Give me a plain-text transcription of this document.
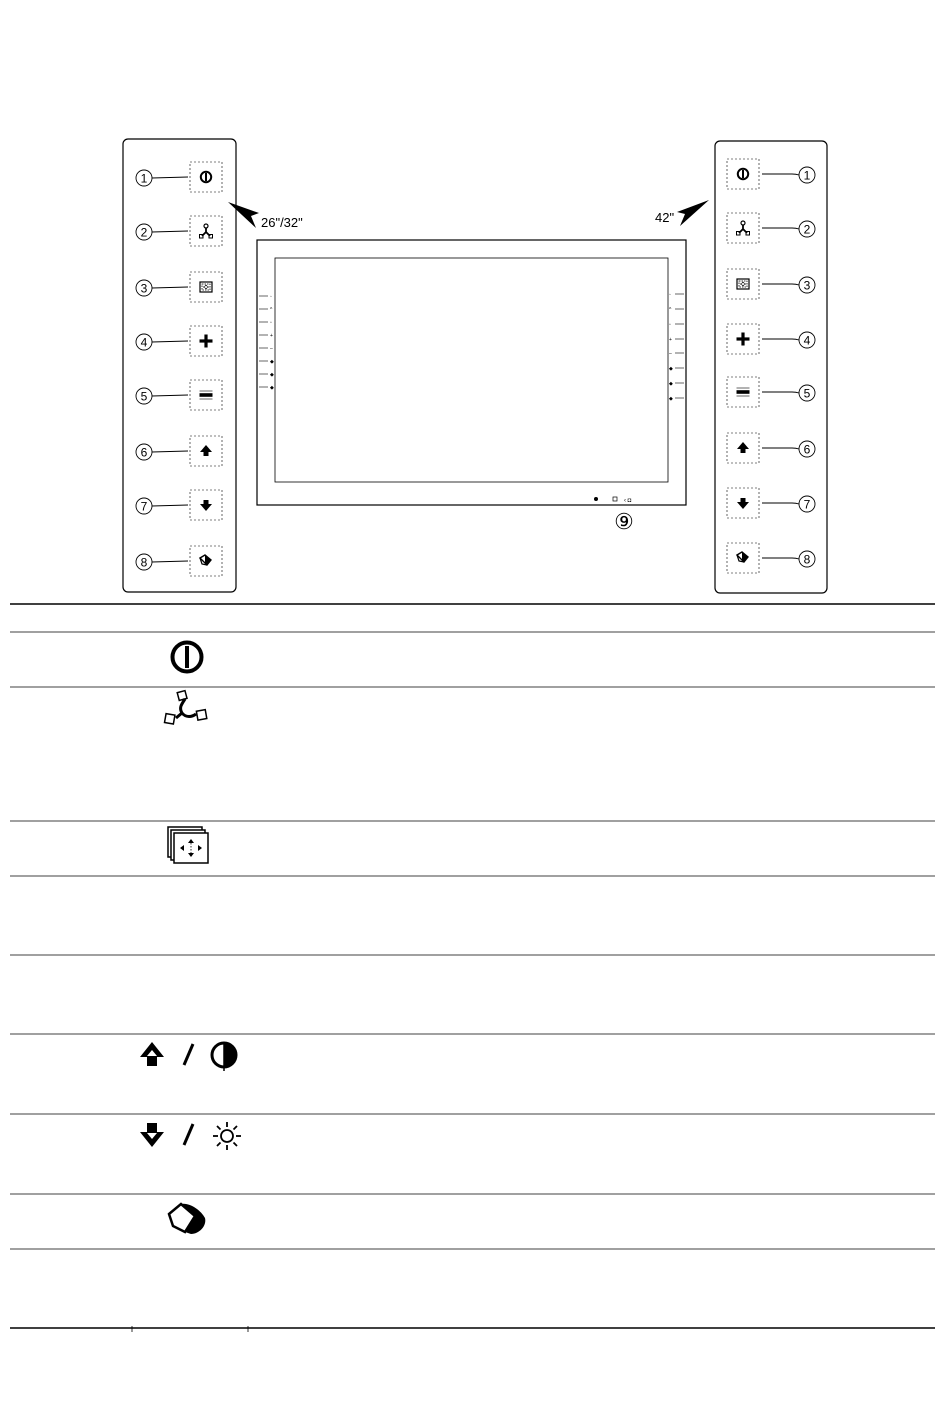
1
2
3
4
5
6
7
8
1
2
3
4
5
6
7
8
◦
^
▫
+
–
◆
◆
◆
◦
^
▫
+
–
◆
◆
◆
‹ ◘
⑨
26"/32"	42"
